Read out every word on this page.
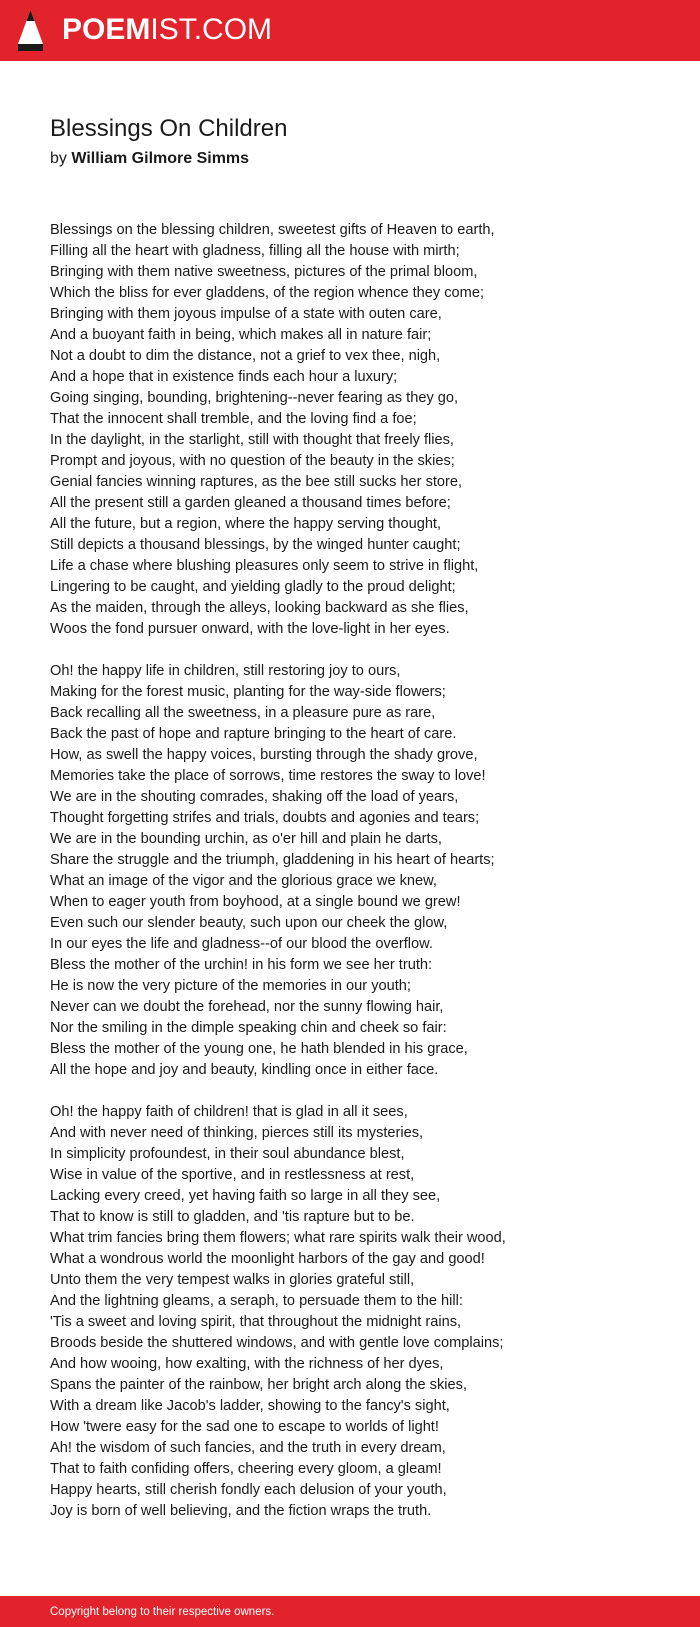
POEMIST.COM
Blessings On Children
by William Gilmore Simms
Blessings on the blessing children, sweetest gifts of Heaven to earth,
Filling all the heart with gladness, filling all the house with mirth;
Bringing with them native sweetness, pictures of the primal bloom,
Which the bliss for ever gladdens, of the region whence they come;
Bringing with them joyous impulse of a state with outen care,
And a buoyant faith in being, which makes all in nature fair;
Not a doubt to dim the distance, not a grief to vex thee, nigh,
And a hope that in existence finds each hour a luxury;
Going singing, bounding, brightening--never fearing as they go,
That the innocent shall tremble, and the loving find a foe;
In the daylight, in the starlight, still with thought that freely flies,
Prompt and joyous, with no question of the beauty in the skies;
Genial fancies winning raptures, as the bee still sucks her store,
All the present still a garden gleaned a thousand times before;
All the future, but a region, where the happy serving thought,
Still depicts a thousand blessings, by the winged hunter caught;
Life a chase where blushing pleasures only seem to strive in flight,
Lingering to be caught, and yielding gladly to the proud delight;
As the maiden, through the alleys, looking backward as she flies,
Woos the fond pursuer onward, with the love-light in her eyes.
Oh! the happy life in children, still restoring joy to ours,
Making for the forest music, planting for the way-side flowers;
Back recalling all the sweetness, in a pleasure pure as rare,
Back the past of hope and rapture bringing to the heart of care.
How, as swell the happy voices, bursting through the shady grove,
Memories take the place of sorrows, time restores the sway to love!
We are in the shouting comrades, shaking off the load of years,
Thought forgetting strifes and trials, doubts and agonies and tears;
We are in the bounding urchin, as o'er hill and plain he darts,
Share the struggle and the triumph, gladdening in his heart of hearts;
What an image of the vigor and the glorious grace we knew,
When to eager youth from boyhood, at a single bound we grew!
Even such our slender beauty, such upon our cheek the glow,
In our eyes the life and gladness--of our blood the overflow.
Bless the mother of the urchin! in his form we see her truth:
He is now the very picture of the memories in our youth;
Never can we doubt the forehead, nor the sunny flowing hair,
Nor the smiling in the dimple speaking chin and cheek so fair:
Bless the mother of the young one, he hath blended in his grace,
All the hope and joy and beauty, kindling once in either face.
Oh! the happy faith of children! that is glad in all it sees,
And with never need of thinking, pierces still its mysteries,
In simplicity profoundest, in their soul abundance blest,
Wise in value of the sportive, and in restlessness at rest,
Lacking every creed, yet having faith so large in all they see,
That to know is still to gladden, and 'tis rapture but to be.
What trim fancies bring them flowers; what rare spirits walk their wood,
What a wondrous world the moonlight harbors of the gay and good!
Unto them the very tempest walks in glories grateful still,
And the lightning gleams, a seraph, to persuade them to the hill:
'Tis a sweet and loving spirit, that throughout the midnight rains,
Broods beside the shuttered windows, and with gentle love complains;
And how wooing, how exalting, with the richness of her dyes,
Spans the painter of the rainbow, her bright arch along the skies,
With a dream like Jacob's ladder, showing to the fancy's sight,
How 'twere easy for the sad one to escape to worlds of light!
Ah! the wisdom of such fancies, and the truth in every dream,
That to faith confiding offers, cheering every gloom, a gleam!
Happy hearts, still cherish fondly each delusion of your youth,
Joy is born of well believing, and the fiction wraps the truth.
Copyright belong to their respective owners.
